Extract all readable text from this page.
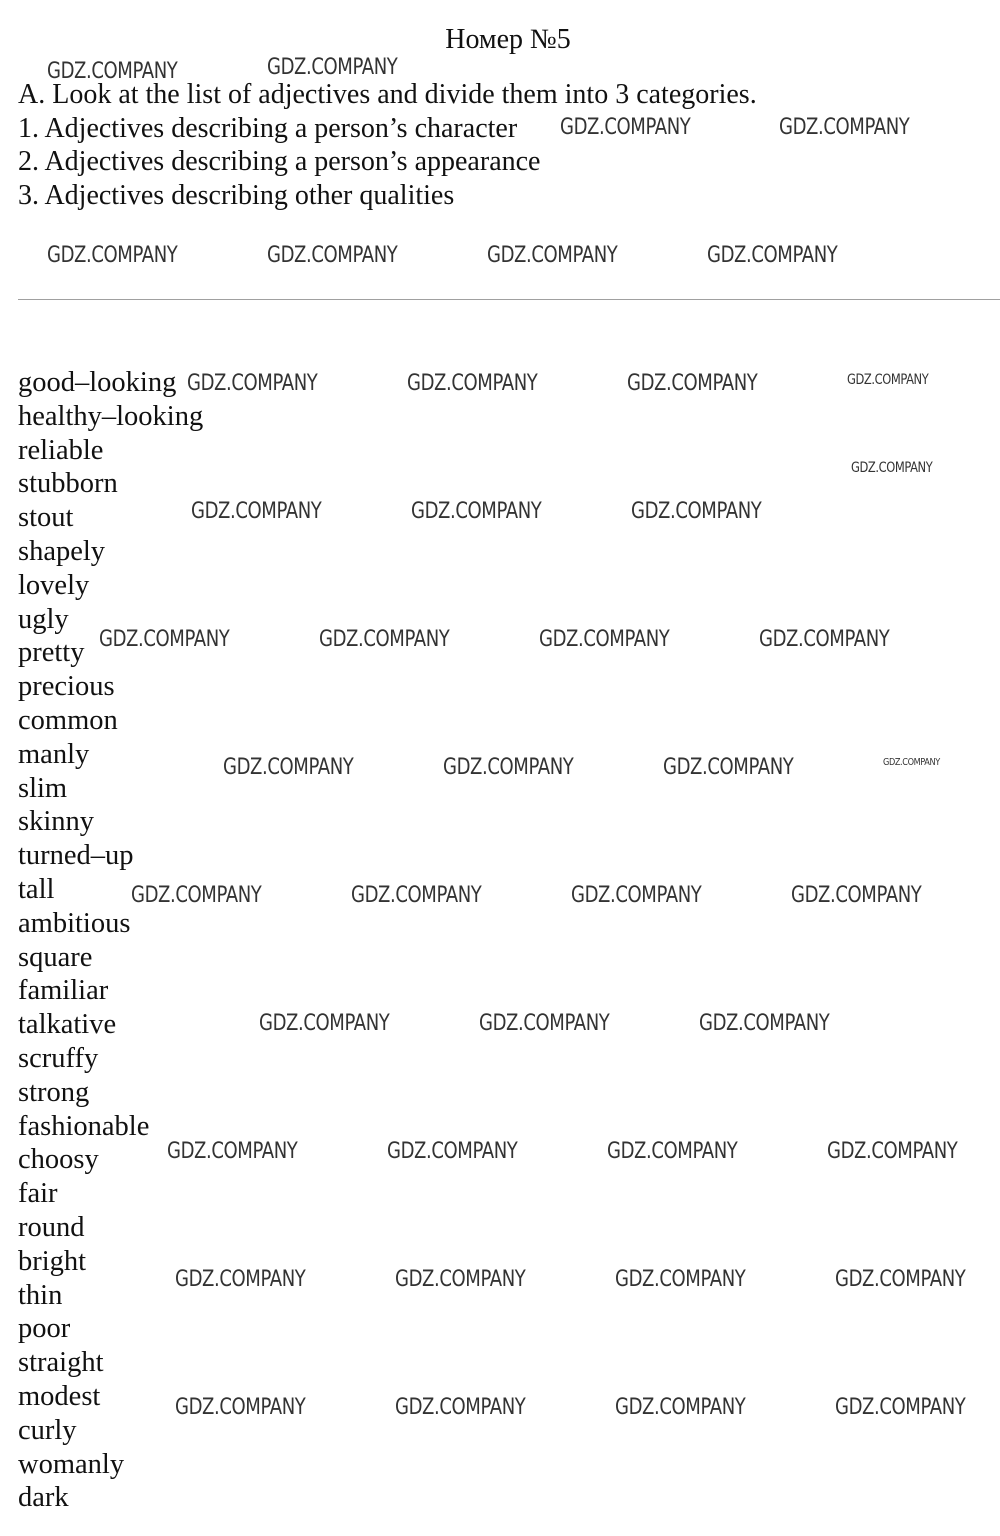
Номер №5
A. Look at the list of adjectives and divide them into 3 categories.
1. Adjectives describing a person’s character
2. Adjectives describing a person’s appearance
3. Adjectives describing other qualities
good–looking
healthy–looking
reliable
stubborn
stout
shapely
lovely
ugly
pretty
precious
common
manly
slim
skinny
turned–up
tall
ambitious
square
familiar
talkative
scruffy
strong
fashionable
choosy
fair
round
bright
thin
poor
straight
modest
curly
womanly
dark
GDZ.COMPANY	GDZ.COMPANY
GDZ.COMPANY	GDZ.COMPANY
GDZ.COMPANY	GDZ.COMPANY	GDZ.COMPANY	GDZ.COMPANY
GDZ.COMPANY	GDZ.COMPANY	GDZ.COMPANY	GDZ.COMPANY
GDZ.COMPANY
GDZ.COMPANY	GDZ.COMPANY	GDZ.COMPANY
GDZ.COMPANY	GDZ.COMPANY	GDZ.COMPANY	GDZ.COMPANY
GDZ.COMPANY	GDZ.COMPANY	GDZ.COMPANY	GDZ.COMPANY
GDZ.COMPANY	GDZ.COMPANY	GDZ.COMPANY	GDZ.COMPANY
GDZ.COMPANY	GDZ.COMPANY	GDZ.COMPANY
GDZ.COMPANY	GDZ.COMPANY	GDZ.COMPANY	GDZ.COMPANY
GDZ.COMPANY	GDZ.COMPANY	GDZ.COMPANY	GDZ.COMPANY
GDZ.COMPANY	GDZ.COMPANY	GDZ.COMPANY	GDZ.COMPANY
